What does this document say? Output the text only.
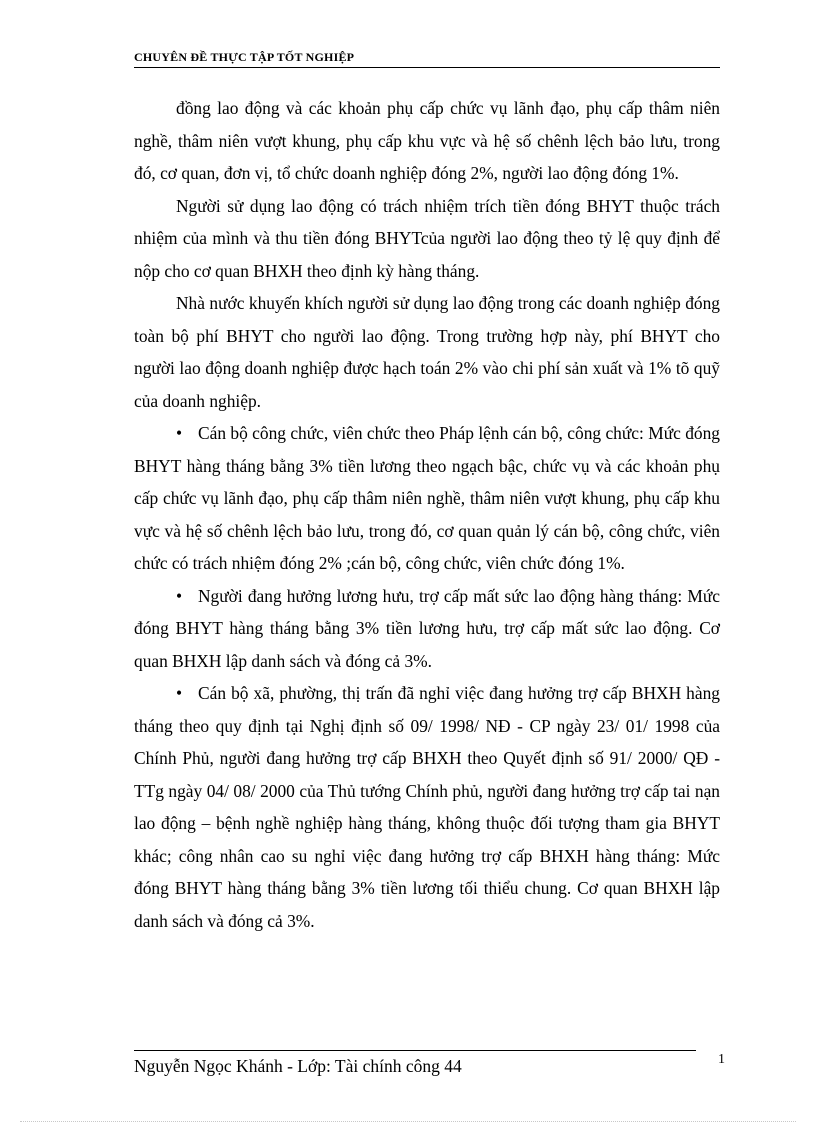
CHUYÊN ĐỀ THỰC TẬP TỐT NGHIỆP

đồng lao động và các khoản phụ cấp chức vụ lãnh đạo, phụ cấp thâm niên nghề, thâm niên vượt khung, phụ cấp khu vực và hệ số chênh lệch bảo lưu, trong đó, cơ quan, đơn vị, tổ chức doanh nghiệp đóng 2%, người lao động đóng 1%.

Người sử dụng lao động có trách nhiệm trích tiền đóng BHYT thuộc trách nhiệm của mình và thu tiền đóng BHYTcủa người lao động theo tỷ lệ quy định để nộp cho cơ quan BHXH theo định kỳ hàng tháng.

Nhà nước khuyến khích người sử dụng lao động trong các doanh nghiệp đóng toàn bộ phí BHYT cho người lao động. Trong trường hợp này, phí BHYT cho người lao động doanh nghiệp được hạch toán 2% vào chi phí sản xuất và 1% tõ quỹ của doanh nghiệp.

• Cán bộ công chức, viên chức theo Pháp lệnh cán bộ, công chức: Mức đóng BHYT hàng tháng bằng 3% tiền lương theo ngạch bậc, chức vụ và các khoản phụ cấp chức vụ lãnh đạo, phụ cấp thâm niên nghề, thâm niên vượt khung, phụ cấp khu vực và hệ số chênh lệch bảo lưu, trong đó, cơ quan quản lý cán bộ, công chức, viên chức có trách nhiệm đóng 2% ;cán bộ, công chức, viên chức đóng 1%.

• Người đang hưởng lương hưu, trợ cấp mất sức lao động hàng tháng: Mức đóng BHYT hàng tháng bằng 3% tiền lương hưu, trợ cấp mất sức lao động. Cơ quan BHXH lập danh sách và đóng cả 3%.

• Cán bộ xã, phường, thị trấn đã nghỉ việc đang hưởng trợ cấp BHXH hàng tháng theo quy định tại Nghị định số 09/ 1998/ NĐ - CP ngày 23/ 01/ 1998 của Chính Phủ, người đang hưởng trợ cấp BHXH theo Quyết định số 91/ 2000/ QĐ - TTg ngày 04/ 08/ 2000 của Thủ tướng Chính phủ, người đang hưởng trợ cấp tai nạn lao động – bệnh nghề nghiệp hàng tháng, không thuộc đối tượng tham gia BHYT khác; công nhân cao su nghỉ việc đang hưởng trợ cấp BHXH hàng tháng: Mức đóng BHYT hàng tháng bằng 3% tiền lương tối thiểu chung. Cơ quan BHXH lập danh sách và đóng cả 3%.

Nguyễn Ngọc Khánh - Lớp: Tài chính công 44	1
